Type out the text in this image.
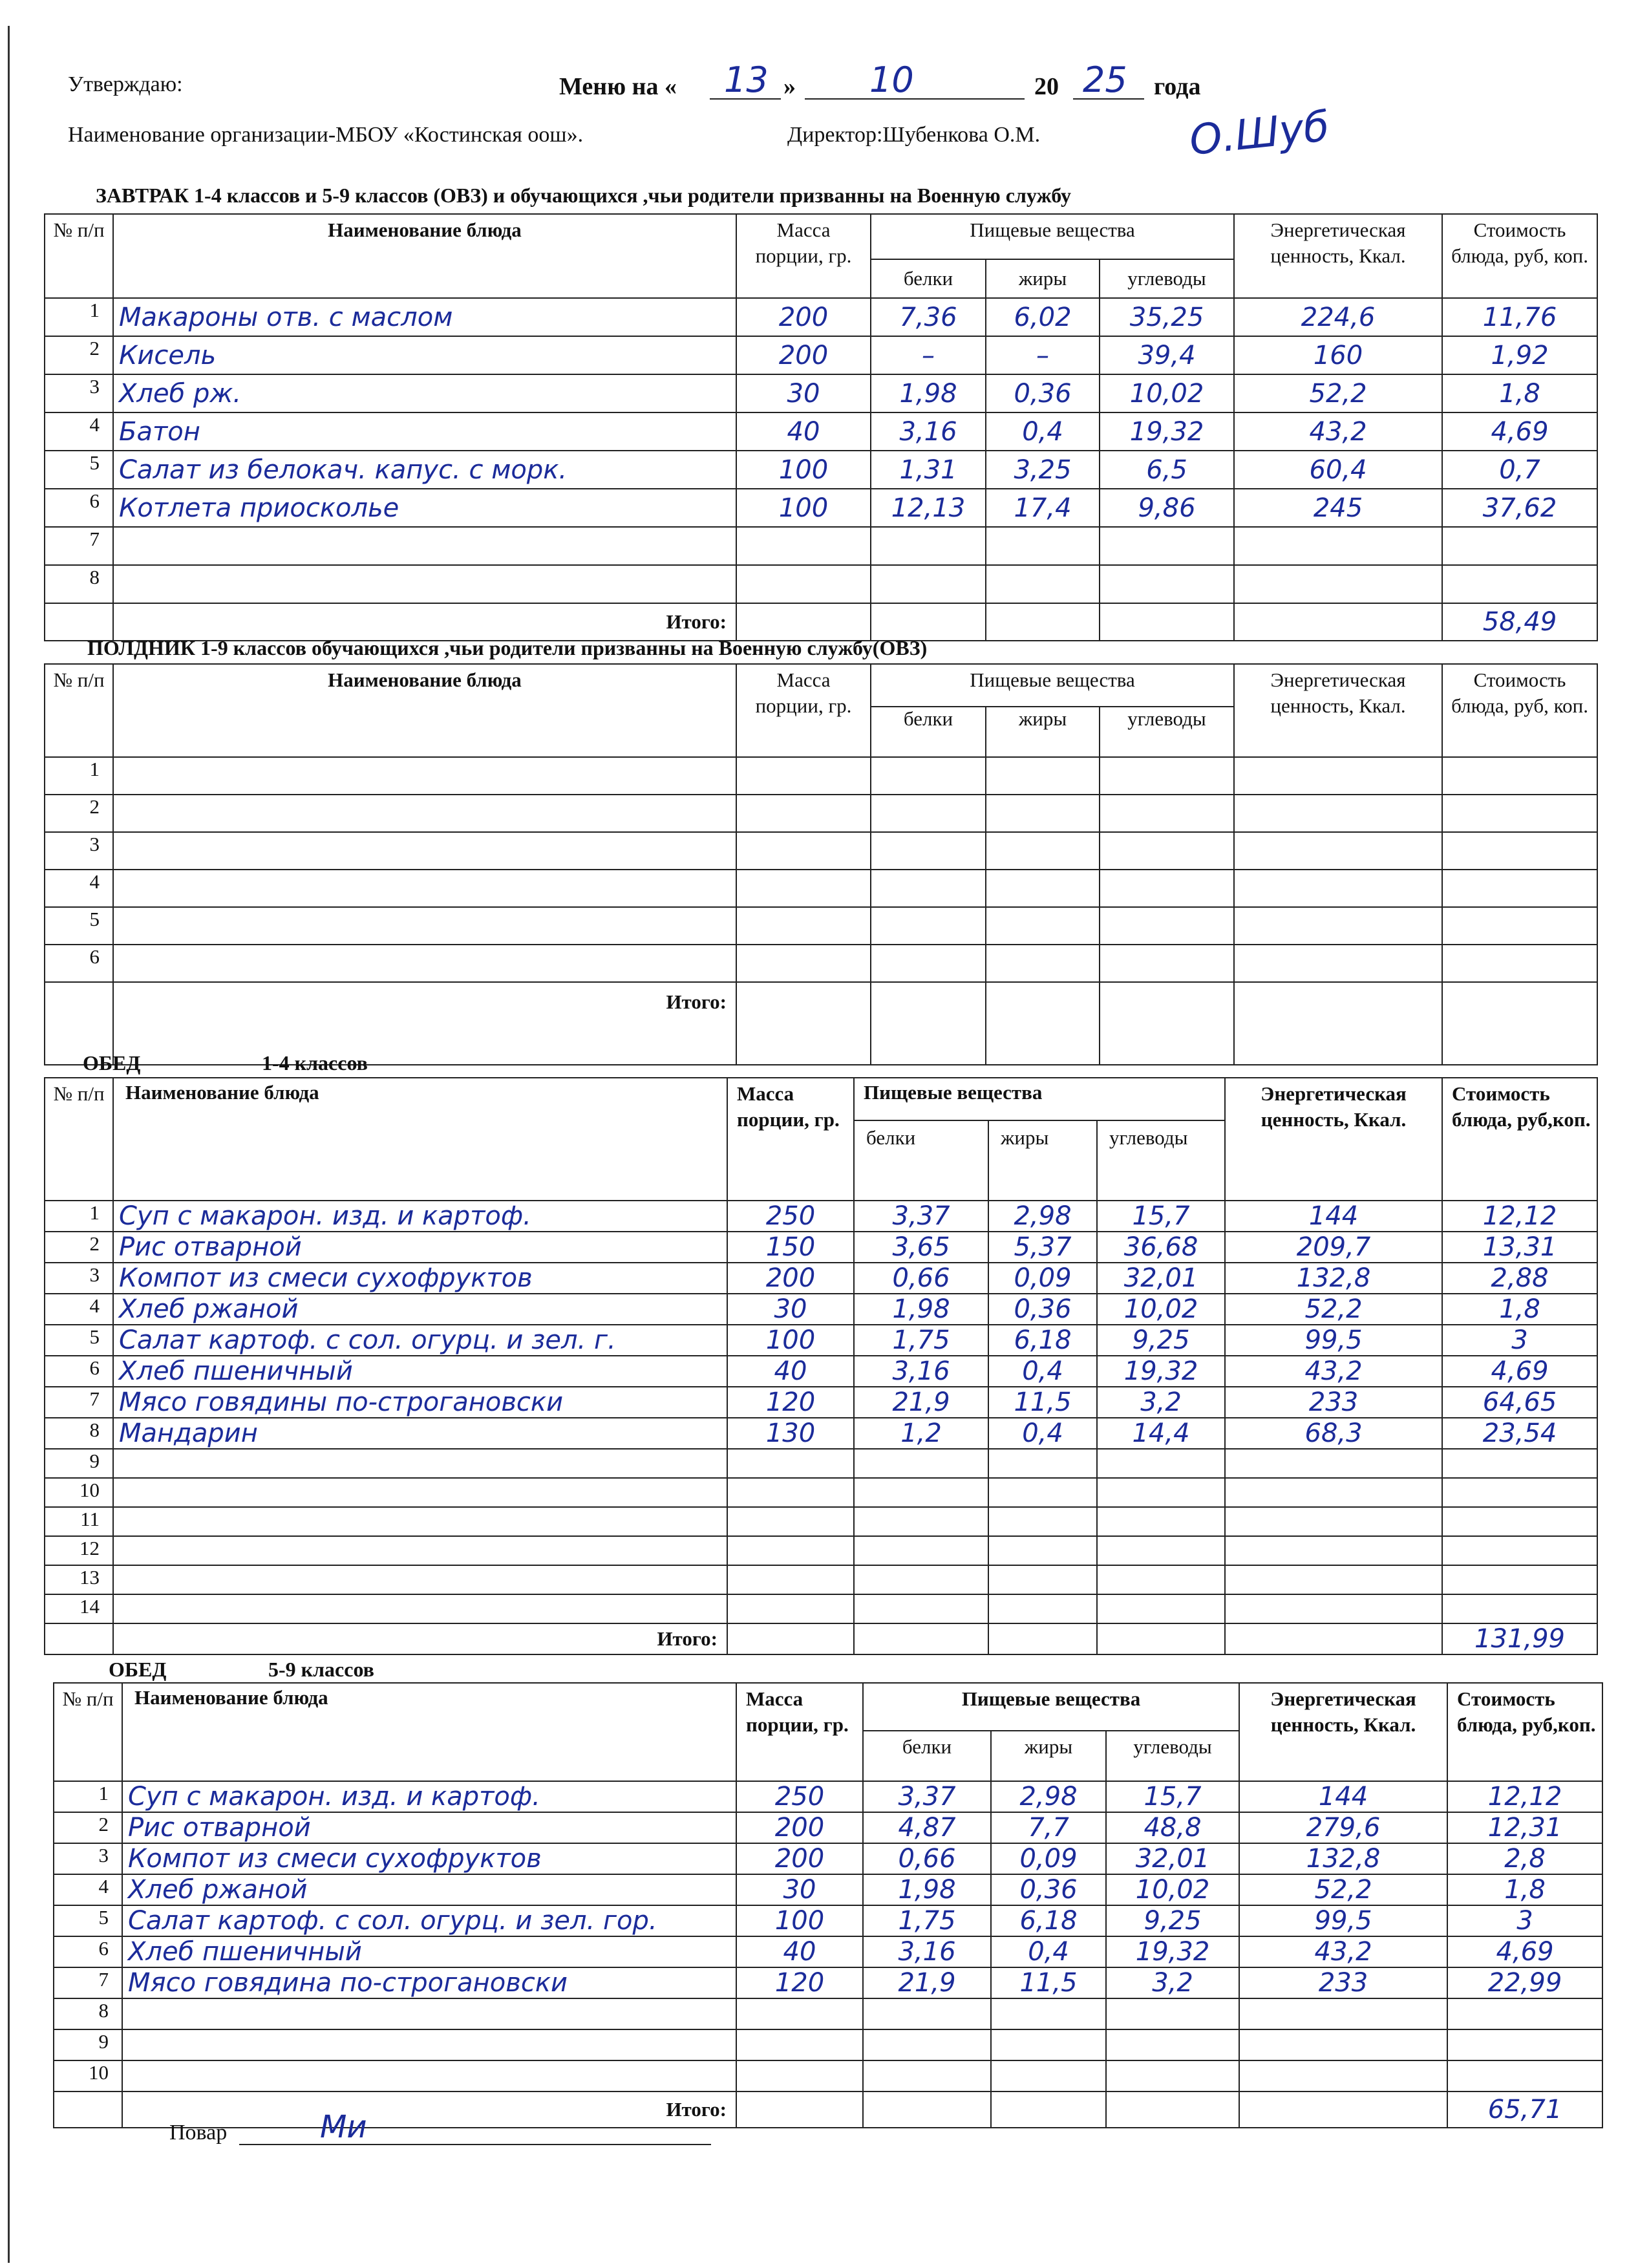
Утверждаю:	Меню на « 13 » 10	20 25 года
Наименование организации-МБОУ «Костинская оош».	Директор:Шубенкова О.М.	О.Шуб
ЗАВТРАК 1-4 классов и 5-9 классов (ОВЗ) и обучающихся ,чьи родители призванны на Военную службу
№ п/п	Наименование блюда	Масса порции, гр.	Пищевые вещества			Энергетическая ценность, Ккал.	Стоимость блюда, руб, коп.
			белки	жиры	углеводы		
1	Макароны отв. с маслом	200	7,36	6,02	35,25	224,6	11,76
2	Кисель	200	–	–	39,4	160	1,92
3	Хлеб рж.	30	1,98	0,36	10,02	52,2	1,8
4	Батон	40	3,16	0,4	19,32	43,2	4,69
5	Салат из белокач. капус. с морк.	100	1,31	3,25	6,5	60,4	0,7
6	Котлета приоскольe	100	12,13	17,4	9,86	245	37,62
7							
8							
	Итого:						58,49
ПОЛДНИК 1-9 классов обучающихся ,чьи родители призванны на Военную службу(ОВЗ)
№ п/п	Наименование блюда	Масса порции, гр.	Пищевые вещества			Энергетическая ценность, Ккал.	Стоимость блюда, руб, коп.
			белки	жиры	углеводы		
1							
2							
3							
4							
5							
6							
	Итого:						
ОБЕД	1-4 классов
№ п/п	Наименование блюда	Масса порции, гр.	Пищевые вещества			Энергетическая ценность, Ккал.	Стоимость блюда, руб,коп.
			белки	жиры	углеводы		
1	Суп с макарон. изд. и картоф.	250	3,37	2,98	15,7	144	12,12
2	Рис отварной	150	3,65	5,37	36,68	209,7	13,31
3	Компот из смеси сухофруктов	200	0,66	0,09	32,01	132,8	2,88
4	Хлеб ржаной	30	1,98	0,36	10,02	52,2	1,8
5	Салат картоф. с сол. огурц. и зел. г.	100	1,75	6,18	9,25	99,5	3
6	Хлеб пшеничный	40	3,16	0,4	19,32	43,2	4,69
7	Мясо говядины по-строгановски	120	21,9	11,5	3,2	233	64,65
8	Мандарин	130	1,2	0,4	14,4	68,3	23,54
9							
10							
11							
12							
13							
14							
	Итого:						131,99
ОБЕД	5-9 классов
№ п/п	Наименование блюда	Масса порции, гр.	Пищевые вещества			Энергетическая ценность, Ккал.	Стоимость блюда, руб,коп.
			белки	жиры	углеводы		
1	Суп с макарон. изд. и картоф.	250	3,37	2,98	15,7	144	12,12
2	Рис отварной	200	4,87	7,7	48,8	279,6	12,31
3	Компот из смеси сухофруктов	200	0,66	0,09	32,01	132,8	2,8
4	Хлеб ржаной	30	1,98	0,36	10,02	52,2	1,8
5	Салат картоф. с сол. огурц. и зел. гор.	100	1,75	6,18	9,25	99,5	3
6	Хлеб пшеничный	40	3,16	0,4	19,32	43,2	4,69
7	Мясо говядина по-строгановски	120	21,9	11,5	3,2	233	22,99
8							
9							
10							
	Итого:						65,71
Повар	Ми
